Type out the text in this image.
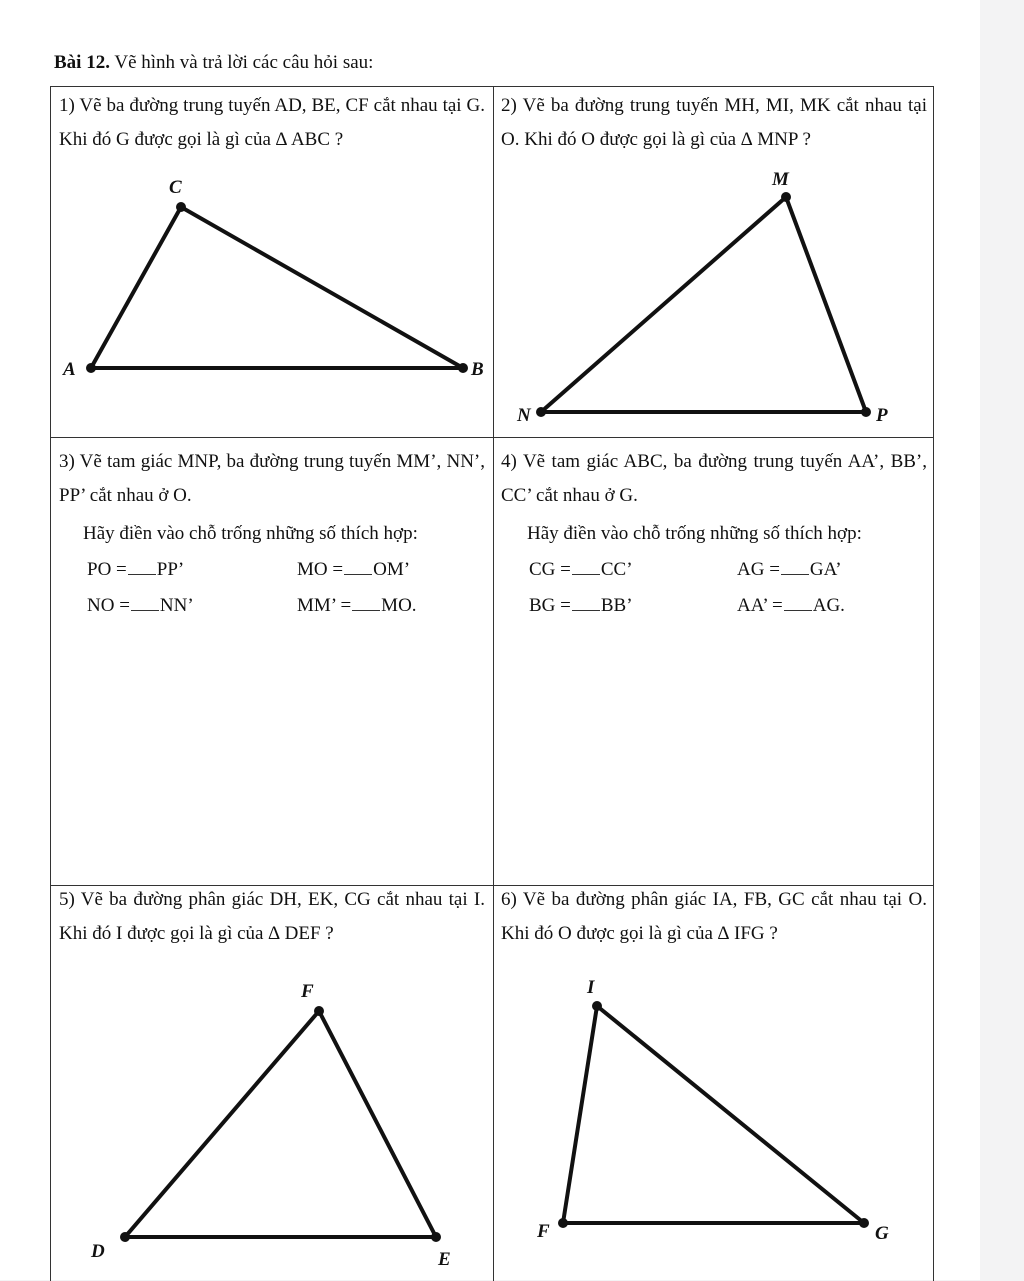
Bài 12. Vẽ hình và trả lời các câu hỏi sau:
1) Vẽ ba đường trung tuyến AD, BE, CF cắt nhau tại G. Khi đó G được gọi là gì của ∆ ABC ?
C
A	B
2) Vẽ ba đường trung tuyến MH, MI, MK cắt nhau tại O. Khi đó O được gọi là gì của ∆ MNP ?
M
N	P
3) Vẽ tam giác MNP, ba đường trung tuyến MM’, NN’, PP’ cắt nhau ở O.
Hãy điền vào chỗ trống những số thích hợp:
PO = PP’	MO = OM’
NO = NN’	MM’ = MO.
4) Vẽ tam giác ABC, ba đường trung tuyến AA’, BB’, CC’ cắt nhau ở G.
Hãy điền vào chỗ trống những số thích hợp:
CG = CC’	AG = GA’
BG = BB’	AA’ = AG.
5) Vẽ ba đường phân giác DH, EK, CG cắt nhau tại I. Khi đó I được gọi là gì của ∆ DEF ?
F
D	E
6) Vẽ ba đường phân giác IA, FB, GC cắt nhau tại O. Khi đó O được gọi là gì của ∆ IFG ?
I
F	G
